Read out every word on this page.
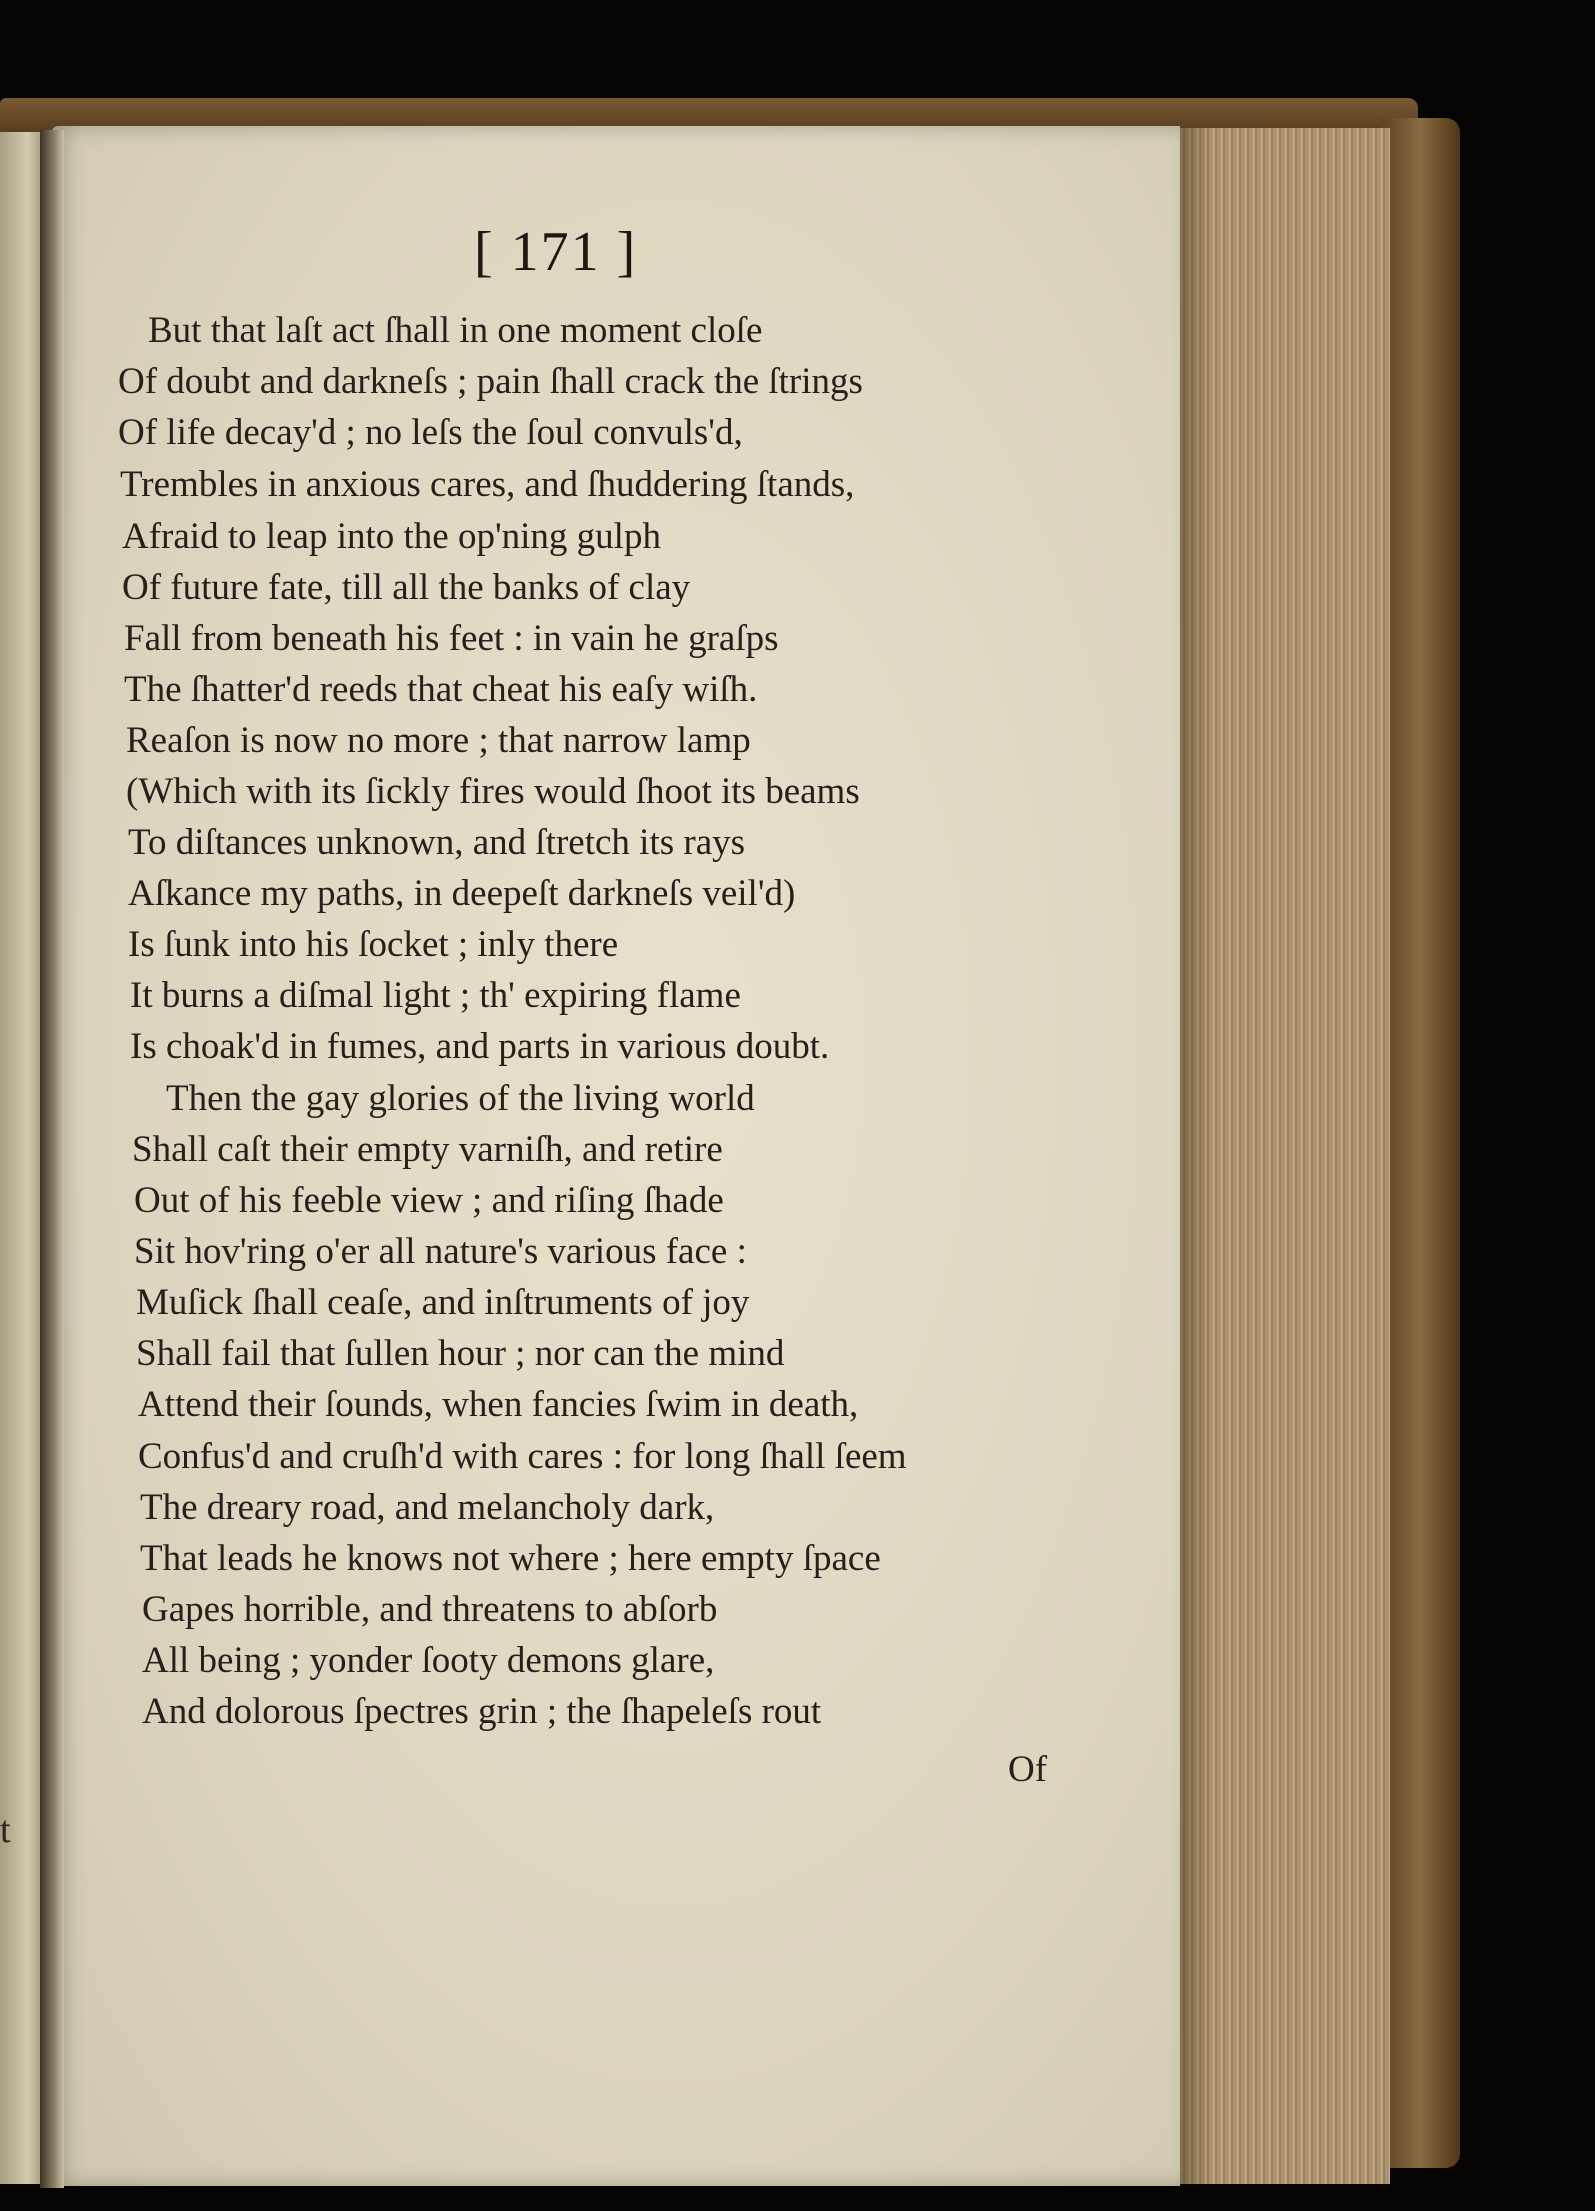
t
[ 171 ]
But that laſt act ſhall in one moment cloſe
Of doubt and darkneſs ; pain ſhall crack the ſtrings
Of life decay'd ; no leſs the ſoul convuls'd,
Trembles in anxious cares, and ſhuddering ſtands,
Afraid to leap into the op'ning gulph
Of future fate, till all the banks of clay
Fall from beneath his feet : in vain he graſps
The ſhatter'd reeds that cheat his eaſy wiſh.
Reaſon is now no more ; that narrow lamp
(Which with its ſickly fires would ſhoot its beams
To diſtances unknown, and ſtretch its rays
Aſkance my paths, in deepeſt darkneſs veil'd)
Is ſunk into his ſocket ; inly there
It burns a diſmal light ; th' expiring flame
Is choak'd in fumes, and parts in various doubt.
Then the gay glories of the living world
Shall caſt their empty varniſh, and retire
Out of his feeble view ; and riſing ſhade
Sit hov'ring o'er all nature's various face :
Muſick ſhall ceaſe, and inſtruments of joy
Shall fail that ſullen hour ; nor can the mind
Attend their ſounds, when fancies ſwim in death,
Confus'd and cruſh'd with cares : for long ſhall ſeem
The dreary road, and melancholy dark,
That leads he knows not where ; here empty ſpace
Gapes horrible, and threatens to abſorb
All being ; yonder ſooty demons glare,
And dolorous ſpectres grin ; the ſhapeleſs rout
Of
